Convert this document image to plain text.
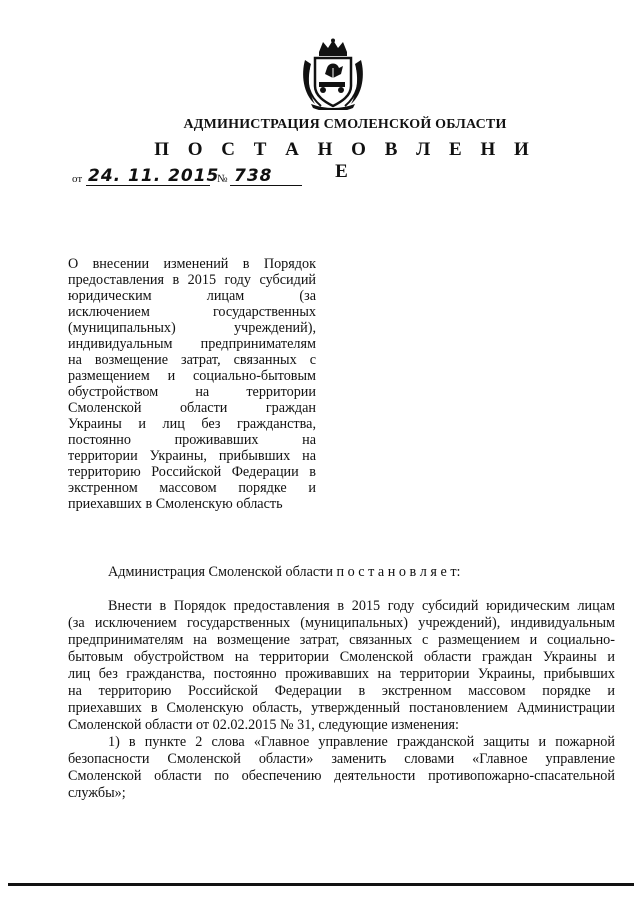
АДМИНИСТРАЦИЯ СМОЛЕНСКОЙ ОБЛАСТИ
П О С Т А Н О В Л Е Н И Е
от 24. 11. 2015
№ 738
О внесении изменений в Порядок
предоставления в 2015 году субсидий
юридическим лицам (за
исключением государственных
(муниципальных) учреждений),
индивидуальным предпринимателям
на возмещение затрат, связанных с
размещением и социально-бытовым
обустройством на территории
Смоленской области граждан
Украины и лиц без гражданства,
постоянно проживавших на
территории Украины, прибывших на
территорию Российской Федерации в
экстренном массовом порядке и
приехавших в Смоленскую область
Администрация Смоленской области п о с т а н о в л я е т:
Внести в Порядок предоставления в 2015 году субсидий юридическим лицам
(за исключением государственных (муниципальных) учреждений), индивидуальным
предпринимателям на возмещение затрат, связанных с размещением и социально-
бытовым обустройством на территории Смоленской области граждан Украины и
лиц без гражданства, постоянно проживавших на территории Украины, прибывших
на территорию Российской Федерации в экстренном массовом порядке и
приехавших в Смоленскую область, утвержденный постановлением Администрации
Смоленской области от 02.02.2015 № 31, следующие изменения:
1) в пункте 2 слова «Главное управление гражданской защиты и пожарной
безопасности Смоленской области» заменить словами «Главное управление
Смоленской области по обеспечению деятельности противопожарно-спасательной
службы»;
